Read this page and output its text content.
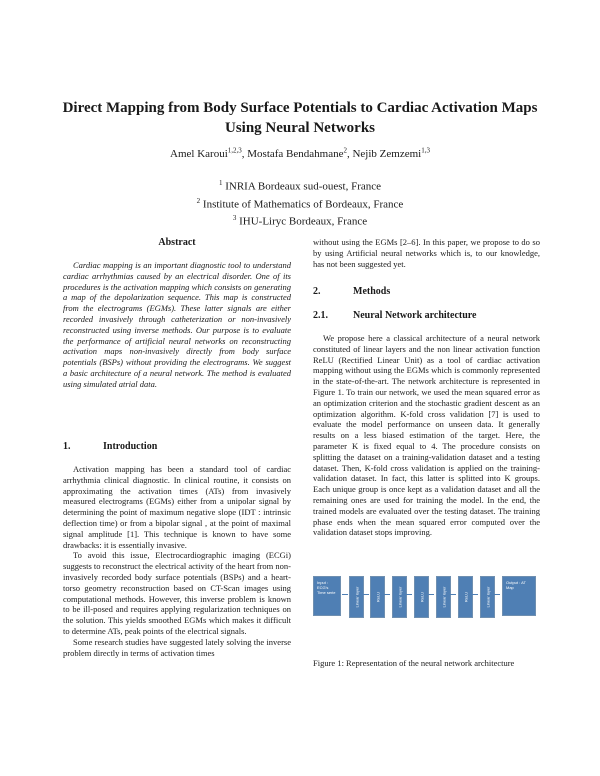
Direct Mapping from Body Surface Potentials to Cardiac Activation Maps
Using Neural Networks
Amel Karoui$^{1,2,3}$, Mostafa Bendahmane$^2$, Nejib Zemzemi$^{1,3}$
$^1$ INRIA Bordeaux sud-ouest, France
$^2$ Institute of Mathematics of Bordeaux, France
$^3$ IHU-Liryc Bordeaux, France
Abstract

Cardiac mapping is an important diagnostic tool to understand cardiac arrhythmias caused by an electrical disorder. One of its procedures is the activation mapping which consists on generating a map of the depolarization sequence. This map is constructed from the electrograms (EGMs). These latter signals are either recorded invasively through catheterization or non-invasively reconstructed using inverse methods. Our purpose is to evaluate the performance of artificial neural networks on reconstructing activation maps non-invasively directly from body surface potentials (BSPs) without providing the electrograms. We suggest a basic architecture of a neural network. The method is evaluated using simulated atrial data.

1.	Introduction

Activation mapping has been a standard tool of cardiac arrhythmia clinical diagnostic. In clinical routine, it consists on approximating the activation times (ATs) from invasively measured electrograms (EGMs) either from a unipolar signal by determining the point of maximum negative slope (IDT : intrinsic deflection time) or from a bipolar signal , at the point of maximal signal amplitude [1]. This technique is known to have some drawbacks: it is essentially invasive.

To avoid this issue, Electrocardiographic imaging (ECGi) suggests to reconstruct the electrical activity of the heart from non-invasively recorded body surface potentials (BSPs) and a heart-torso geometry reconstruction based on CT-Scan images using computational methods. However, this inverse problem is known to be ill-posed and requires applying regularization techniques on the solution. This yields smoothed EGMs which makes it difficult to determine ATs, peak points of the electrical signals.

Some research studies have suggested lately solving the inverse problem directly in terms of activation times

without using the EGMs [2–6]. In this paper, we propose to do so by using Artificial neural networks which is, to our knowledge, has not been suggested yet.

2.	Methods
2.1.	Neural Network architecture

We propose here a classical architecture of a neural network constituted of linear layers and the non linear activation function ReLU (Rectified Linear Unit) as a tool of cardiac activation mapping without using the EGMs which is commonly represented in the state-of-the-art. The network architecture is represented in Figure 1. To train our network, we used the mean squared error as an optimization criterion and the stochastic gradient descent as an optimization algorithm. K-fold cross validation [7] is used to evaluate the model performance on unseen data. It generally results on a less biased estimation of the target. Here, the parameter K is fixed equal to 4. The procedure consists on splitting the dataset on a training-validation dataset and a testing dataset. Then, K-fold cross validation is applied on the training-validation dataset. In fact, this latter is splitted into K groups. Each unique group is once kept as a validation dataset and all the remaining ones are used for training the model. In the end, the trained models are evaluated over the testing dataset. The training phase ends when the mean squared error computed over the validation dataset stops improving.

Input : ECG's Time serie	Linear layer	ReLU	Linear layer	ReLU	Linear layer	ReLU	Linear layer
Output : AT Map
Figure 1: Representation of the neural network architecture
